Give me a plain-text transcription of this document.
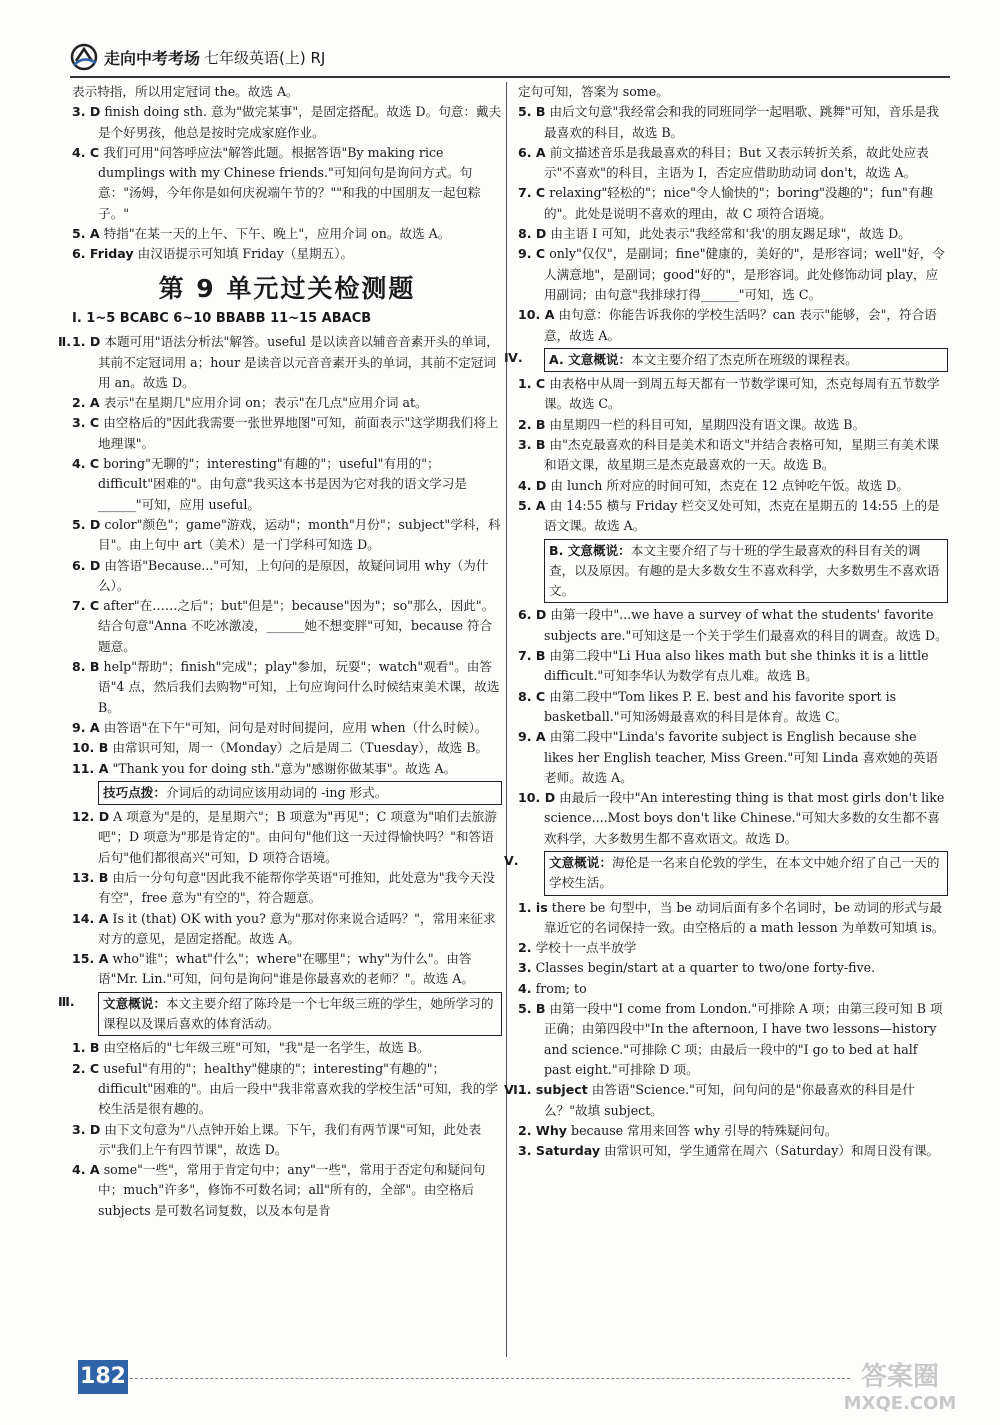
走向中考考场 七年级英语(上) RJ

表示特指，所以用定冠词 the。故选 A。

3. D finish doing sth. 意为"做完某事"，是固定搭配。故选 D。句意：戴夫是个好男孩，他总是按时完成家庭作业。

4. C 我们可用"问答呼应法"解答此题。根据答语"By making rice dumplings with my Chinese friends."可知问句是询问方式。句意："汤姆，今年你是如何庆祝端午节的？""和我的中国朋友一起包粽子。"

5. A 特指"在某一天的上午、下午、晚上"，应用介词 on。故选 A。

6. Friday 由汉语提示可知填 Friday（星期五）。

第 9 单元过关检测题
I. 1~5 BCABC 6~10 BBABB 11~15 ABACB
Ⅱ. 1. D 本题可用"语法分析法"解答。useful 是以读音以辅音音素开头的单词，其前不定冠词用 a；hour 是读音以元音音素开头的单词，其前不定冠词用 an。故选 D。

2. A 表示"在星期几"应用介词 on；表示"在几点"应用介词 at。

3. C 由空格后的"因此我需要一张世界地图"可知，前面表示"这学期我们将上地理课"。

4. C boring"无聊的"；interesting"有趣的"；useful"有用的"；difficult"困难的"。由句意"我买这本书是因为它对我的语文学习是______"可知，应用 useful。

5. D color"颜色"；game"游戏，运动"；month"月份"；subject"学科，科目"。由上句中 art（美术）是一门学科可知选 D。

6. D 由答语"Because..."可知，上句问的是原因，故疑问词用 why（为什么）。

7. C after"在……之后"；but"但是"；because"因为"；so"那么，因此"。结合句意"Anna 不吃冰激凌，______她不想变胖"可知，because 符合题意。

8. B help"帮助"；finish"完成"；play"参加，玩耍"；watch"观看"。由答语"4 点，然后我们去购物"可知，上句应询问什么时候结束美术课，故选 B。

9. A 由答语"在下午"可知，问句是对时间提问，应用 when（什么时候）。

10. B 由常识可知，周一（Monday）之后是周二（Tuesday），故选 B。

11. A "Thank you for doing sth."意为"感谢你做某事"。故选 A。

技巧点拨：介词后的动词应该用动词的 -ing 形式。

12. D A 项意为"是的，是星期六"；B 项意为"再见"；C 项意为"咱们去旅游吧"；D 项意为"那是肯定的"。由问句"他们这一天过得愉快吗？"和答语后句"他们都很高兴"可知，D 项符合语境。

13. B 由后一分句句意"因此我不能帮你学英语"可推知，此处意为"我今天没有空"，free 意为"有空的"，符合题意。

14. A Is it (that) OK with you? 意为"那对你来说合适吗？"，常用来征求对方的意见，是固定搭配。故选 A。

15. A who"谁"；what"什么"；where"在哪里"；why"为什么"。由答语"Mr. Lin."可知，问句是询问"谁是你最喜欢的老师？"。故选 A。

Ⅲ.	文意概说：本文主要介绍了陈玲是一个七年级三班的学生，她所学习的课程以及课后喜欢的体育活动。

1. B 由空格后的"七年级三班"可知，"我"是一名学生，故选 B。

2. C useful"有用的"；healthy"健康的"；interesting"有趣的"；difficult"困难的"。由后一段中"我非常喜欢我的学校生活"可知，我的学校生活是很有趣的。

3. D 由下文句意为"八点钟开始上课。下午，我们有两节课"可知，此处表示"我们上午有四节课"，故选 D。

4. A some"一些"，常用于肯定句中；any"一些"，常用于否定句和疑问句中；much"许多"，修饰不可数名词；all"所有的，全部"。由空格后 subjects 是可数名词复数，以及本句是肯

定句可知，答案为 some。

5. B 由后文句意"我经常会和我的同班同学一起唱歌、跳舞"可知，音乐是我最喜欢的科目，故选 B。

6. A 前文描述音乐是我最喜欢的科目；But 又表示转折关系，故此处应表示"不喜欢"的科目，主语为 I，否定应借助助动词 don't，故选 A。

7. C relaxing"轻松的"；nice"令人愉快的"；boring"没趣的"；fun"有趣的"。此处是说明不喜欢的理由，故 C 项符合语境。

8. D 由主语 I 可知，此处表示"我经常和'我'的朋友踢足球"，故选 D。

9. C only"仅仅"，是副词；fine"健康的，美好的"，是形容词；well"好，令人满意地"，是副词；good"好的"，是形容词。此处修饰动词 play，应用副词；由句意"我排球打得______"可知，选 C。

10. A 由句意：你能告诉我你的学校生活吗？can 表示"能够，会"，符合语意，故选 A。

Ⅳ.	A. 文意概说：本文主要介绍了杰克所在班级的课程表。

1. C 由表格中从周一到周五每天都有一节数学课可知，杰克每周有五节数学课。故选 C。

2. B 由星期四一栏的科目可知，星期四没有语文课。故选 B。

3. B 由"杰克最喜欢的科目是美术和语文"并结合表格可知，星期三有美术课和语文课，故星期三是杰克最喜欢的一天。故选 B。

4. D 由 lunch 所对应的时间可知，杰克在 12 点钟吃午饭。故选 D。

5. A 由 14:55 横与 Friday 栏交叉处可知，杰克在星期五的 14:55 上的是语文课。故选 A。

B. 文意概说：本文主要介绍了与十班的学生最喜欢的科目有关的调查，以及原因。有趣的是大多数女生不喜欢科学，大多数男生不喜欢语文。

6. D 由第一段中"...we have a survey of what the students' favorite subjects are."可知这是一个关于学生们最喜欢的科目的调查。故选 D。

7. B 由第二段中"Li Hua also likes math but she thinks it is a little difficult."可知李华认为数学有点儿难。故选 B。

8. C 由第二段中"Tom likes P. E. best and his favorite sport is basketball."可知汤姆最喜欢的科目是体育。故选 C。

9. A 由第二段中"Linda's favorite subject is English because she likes her English teacher, Miss Green."可知 Linda 喜欢她的英语老师。故选 A。

10. D 由最后一段中"An interesting thing is that most girls don't like science....Most boys don't like Chinese."可知大多数的女生都不喜欢科学，大多数男生都不喜欢语文。故选 D。

Ⅴ.	文意概说：海伦是一名来自伦敦的学生，在本文中她介绍了自己一天的学校生活。

1. is there be 句型中，当 be 动词后面有多个名词时，be 动词的形式与最靠近它的名词保持一致。由空格后的 a math lesson 为单数可知填 is。

2. 学校十一点半放学

3. Classes begin/start at a quarter to two/one forty-five.

4. from; to

5. B 由第一段中"I come from London."可排除 A 项；由第三段可知 B 项正确；由第四段中"In the afternoon, I have two lessons—history and science."可排除 C 项；由最后一段中的"I go to bed at half past eight."可排除 D 项。

Ⅵ.

1. subject 由答语"Science."可知，问句问的是"你最喜欢的科目是什么？"故填 subject。

2. Why because 常用来回答 why 引导的特殊疑问句。

3. Saturday 由常识可知，学生通常在周六（Saturday）和周日没有课。

182	答案圈
MXQE.COM
